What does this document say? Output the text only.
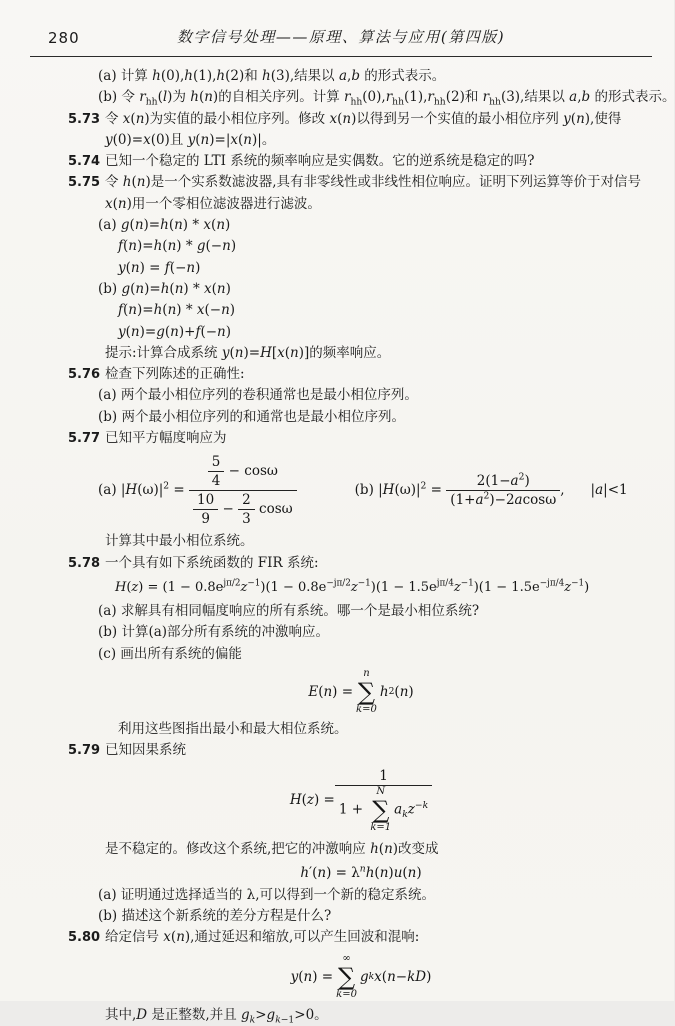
280	数字信号处理——原理、算法与应用(第四版)
(a) 计算 h(0),h(1),h(2)和 h(3),结果以 a,b 的形式表示。
(b) 令 $r_{hh}(l)$为 h(n)的自相关序列。计算 $r_{hh}(0),r_{hh}(1),r_{hh}(2)$和 $r_{hh}(3)$,结果以 a,b 的形式表示。
5.73 令 x(n)为实值的最小相位序列。修改 x(n)以得到另一个实值的最小相位序列 y(n),使得
y(0)=x(0)且 y(n)=|x(n)|。
5.74 已知一个稳定的 LTI 系统的频率响应是实偶数。它的逆系统是稳定的吗?
5.75 令 h(n)是一个实系数滤波器,具有非零线性或非线性相位响应。证明下列运算等价于对信号
x(n)用一个零相位滤波器进行滤波。
(a) g(n)=h(n) * x(n)
f(n)=h(n) * g(−n)
y(n) = f(−n)
(b) g(n)=h(n) * x(n)
f(n)=h(n) * x(−n)
y(n)=g(n)+f(−n)
提示:计算合成系统 y(n)=H[x(n)]的频率响应。
5.76 检查下列陈述的正确性:
(a) 两个最小相位序列的卷积通常也是最小相位序列。
(b) 两个最小相位序列的和通常也是最小相位序列。
5.77 已知平方幅度响应为
(a) $|H(\omega)|^2 = \frac{\frac{5}{4} - \cos\omega}{\frac{10}{9} - \frac{2}{3} \cos\omega}$	(b) $|H(\omega)|^2 = \frac{2(1-a^2)}{(1+a^2)-2acos\omega}$ , |a|<1
计算其中最小相位系统。
5.78 一个具有如下系统函数的 FIR 系统:
$H(z) = (1 - 0.8e^{j\pi/2}z^{-1})(1 - 0.8e^{-j\pi/2}z^{-1})(1 - 1.5e^{j\pi/4}z^{-1})(1 - 1.5e^{-j\pi/4}z^{-1})$
(a) 求解具有相同幅度响应的所有系统。哪一个是最小相位系统?
(b) 计算(a)部分所有系统的冲激响应。
(c) 画出所有系统的偏能
E ( n ) =
n
∑
k=0
h 2 ( n )
利用这些图指出最小和最大相位系统。
5.79 已知因果系统
H ( z ) =
1
1 +
N
∑
k=1
$a_kz^{-k}$
是不稳定的。修改这个系统,把它的冲激响应 h(n)改变成
$h'(n) = \lambda^nh(n)u(n)$
(a) 证明通过选择适当的 λ,可以得到一个新的稳定系统。
(b) 描述这个新系统的差分方程是什么?
5.80 给定信号 x(n),通过延迟和缩放,可以产生回波和混响:
y ( n ) =
∞
∑
k=0
g k x ( n − kD )
其中,D 是正整数,并且 $g_k>g_{k-1}>0$。
